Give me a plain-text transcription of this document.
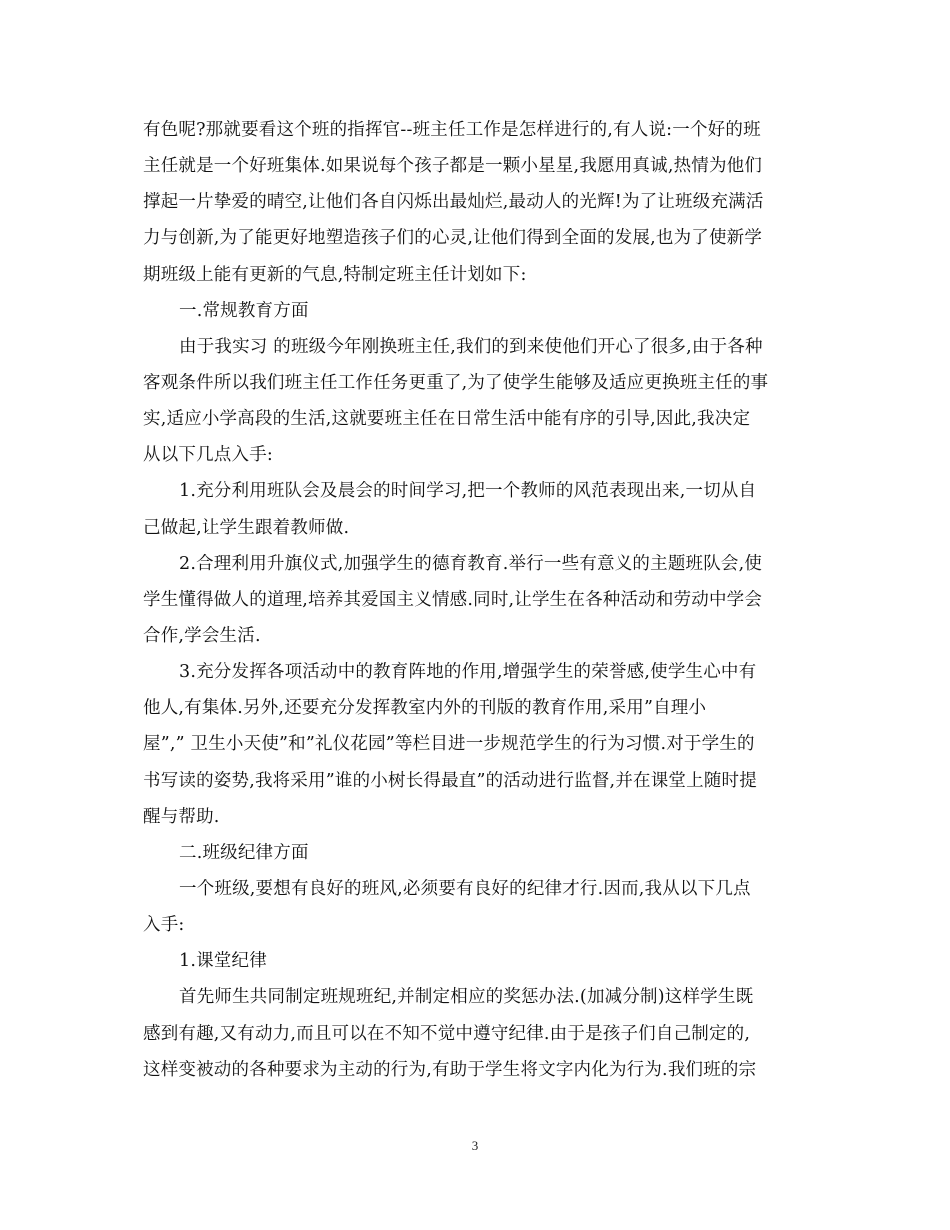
有色呢?那就要看这个班的指挥官--班主任工作是怎样进行的,有人说:一个好的班
主任就是一个好班集体.如果说每个孩子都是一颗小星星,我愿用真诚,热情为他们
撑起一片挚爱的晴空,让他们各自闪烁出最灿烂,最动人的光辉!为了让班级充满活
力与创新,为了能更好地塑造孩子们的心灵,让他们得到全面的发展,也为了使新学
期班级上能有更新的气息,特制定班主任计划如下:
一.常规教育方面
由于我实习 的班级今年刚换班主任,我们的到来使他们开心了很多,由于各种
客观条件所以我们班主任工作任务更重了,为了使学生能够及适应更换班主任的事
实,适应小学高段的生活,这就要班主任在日常生活中能有序的引导,因此,我决定
从以下几点入手:
1.充分利用班队会及晨会的时间学习,把一个教师的风范表现出来,一切从自
己做起,让学生跟着教师做.
2.合理利用升旗仪式,加强学生的德育教育.举行一些有意义的主题班队会,使
学生懂得做人的道理,培养其爱国主义情感.同时,让学生在各种活动和劳动中学会
合作,学会生活.
3.充分发挥各项活动中的教育阵地的作用,增强学生的荣誉感,使学生心中有
他人,有集体.另外,还要充分发挥教室内外的刊版的教育作用,采用”自理小
屋”,” 卫生小天使”和”礼仪花园”等栏目进一步规范学生的行为习惯.对于学生的
书写读的姿势,我将采用”谁的小树长得最直”的活动进行监督,并在课堂上随时提
醒与帮助.
二.班级纪律方面
一个班级,要想有良好的班风,必须要有良好的纪律才行.因而,我从以下几点
入手:
1.课堂纪律
首先师生共同制定班规班纪,并制定相应的奖惩办法.(加减分制)这样学生既
感到有趣,又有动力,而且可以在不知不觉中遵守纪律.由于是孩子们自己制定的,
这样变被动的各种要求为主动的行为,有助于学生将文字内化为行为.我们班的宗
3
